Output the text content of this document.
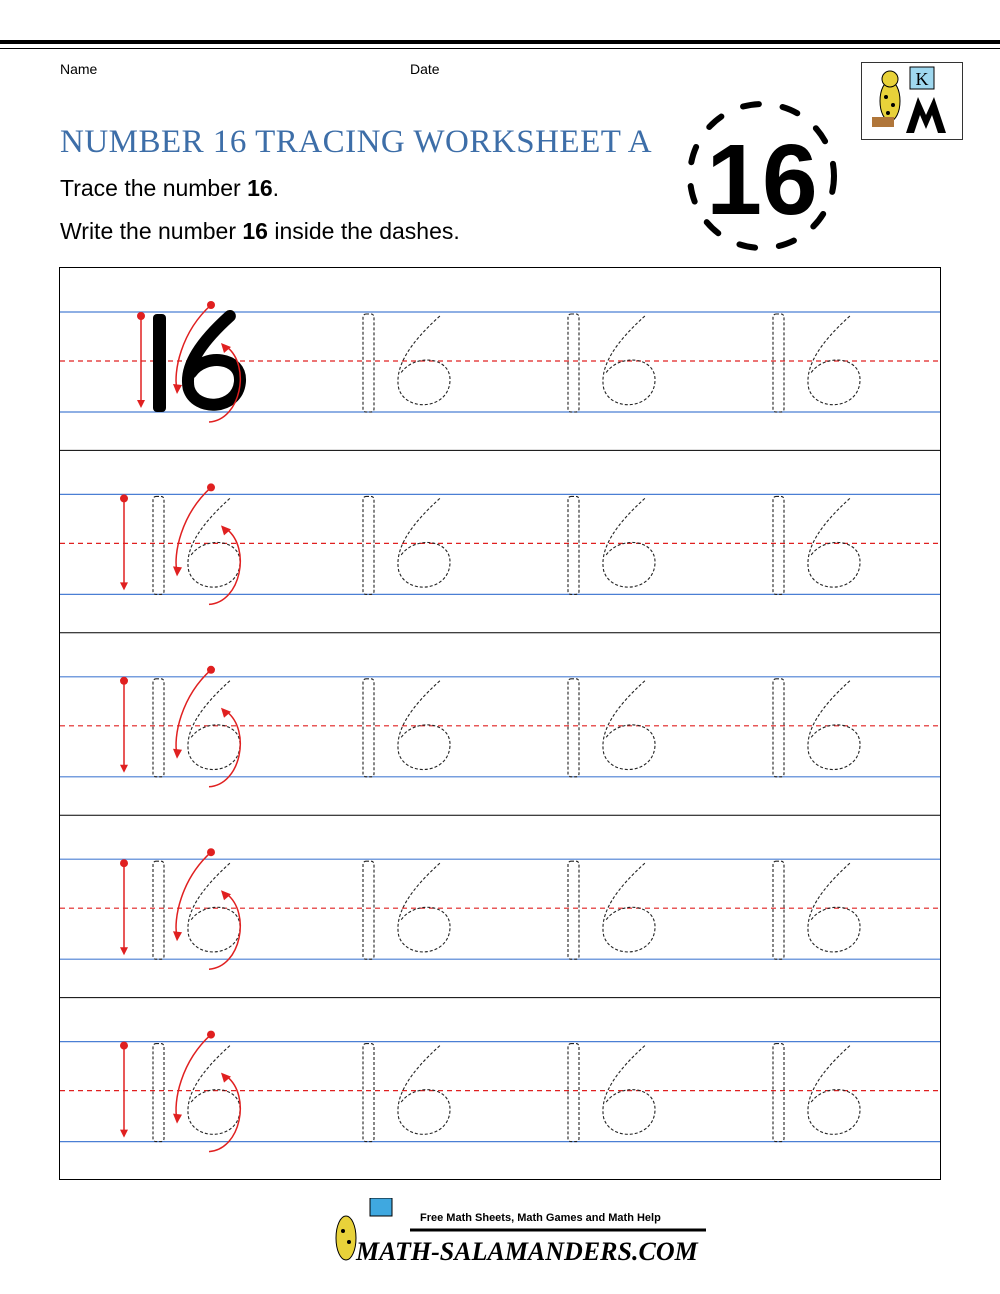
Name	Date
NUMBER 16 TRACING WORKSHEET A
Trace the number 16.
Write the number 16 inside the dashes. 16
K
Free Math Sheets, Math Games and Math Help
MATH-SALAMANDERS.COM
